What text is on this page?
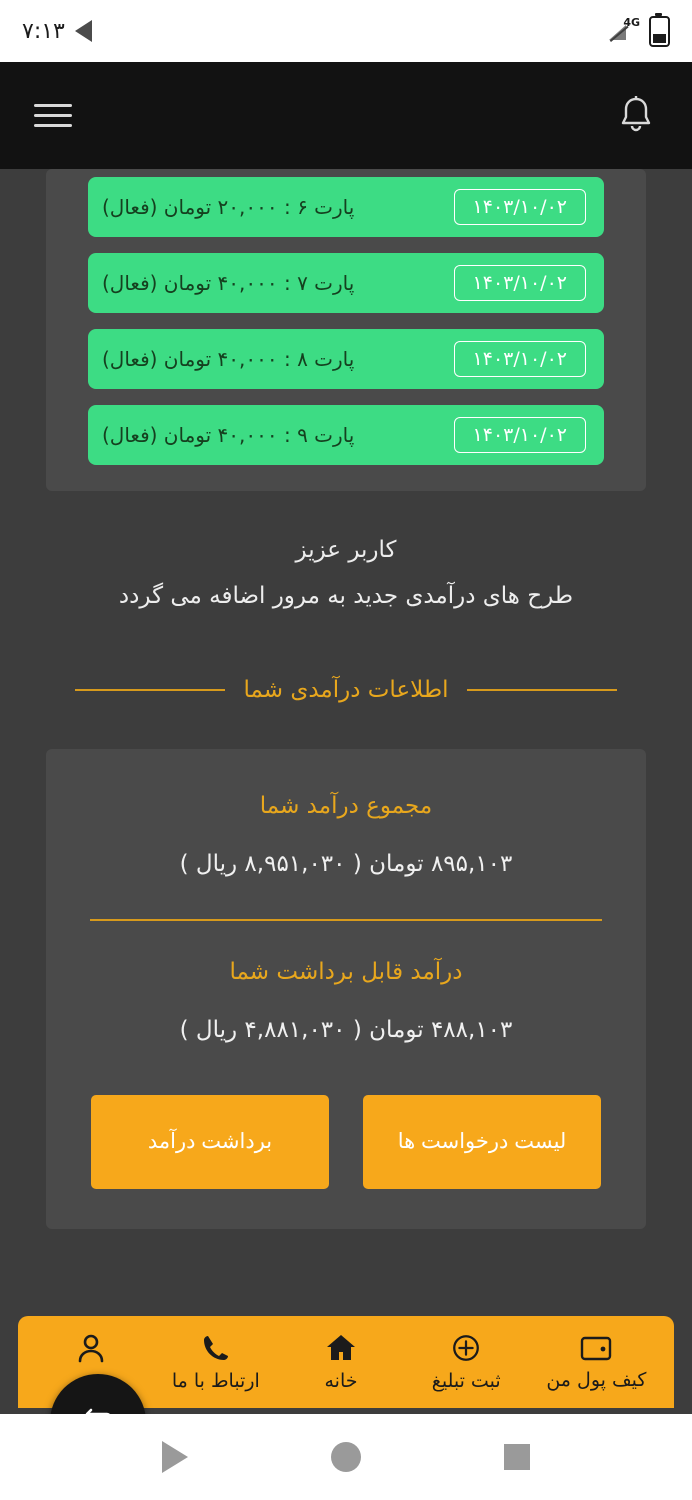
4G
۷:۱۳
۱۴۰۳/۱۰/۰۲
پارت ۶ : ۲۰,۰۰۰ تومان (فعال)
۱۴۰۳/۱۰/۰۲
پارت ۷ : ۴۰,۰۰۰ تومان (فعال)
۱۴۰۳/۱۰/۰۲
پارت ۸ : ۴۰,۰۰۰ تومان (فعال)
۱۴۰۳/۱۰/۰۲
پارت ۹ : ۴۰,۰۰۰ تومان (فعال)
کاربر عزیز
طرح های درآمدی جدید به مرور اضافه می گردد
اطلاعات درآمدی شما
مجموع درآمد شما
۸۹۵,۱۰۳ تومان ( ۸,۹۵۱,۰۳۰ ریال )
درآمد قابل برداشت شما
۴۸۸,۱۰۳ تومان ( ۴,۸۸۱,۰۳۰ ریال )
لیست درخواست ها
برداشت درآمد
کیف پول من
ثبت تبلیغ
خانه
ارتباط با ما
